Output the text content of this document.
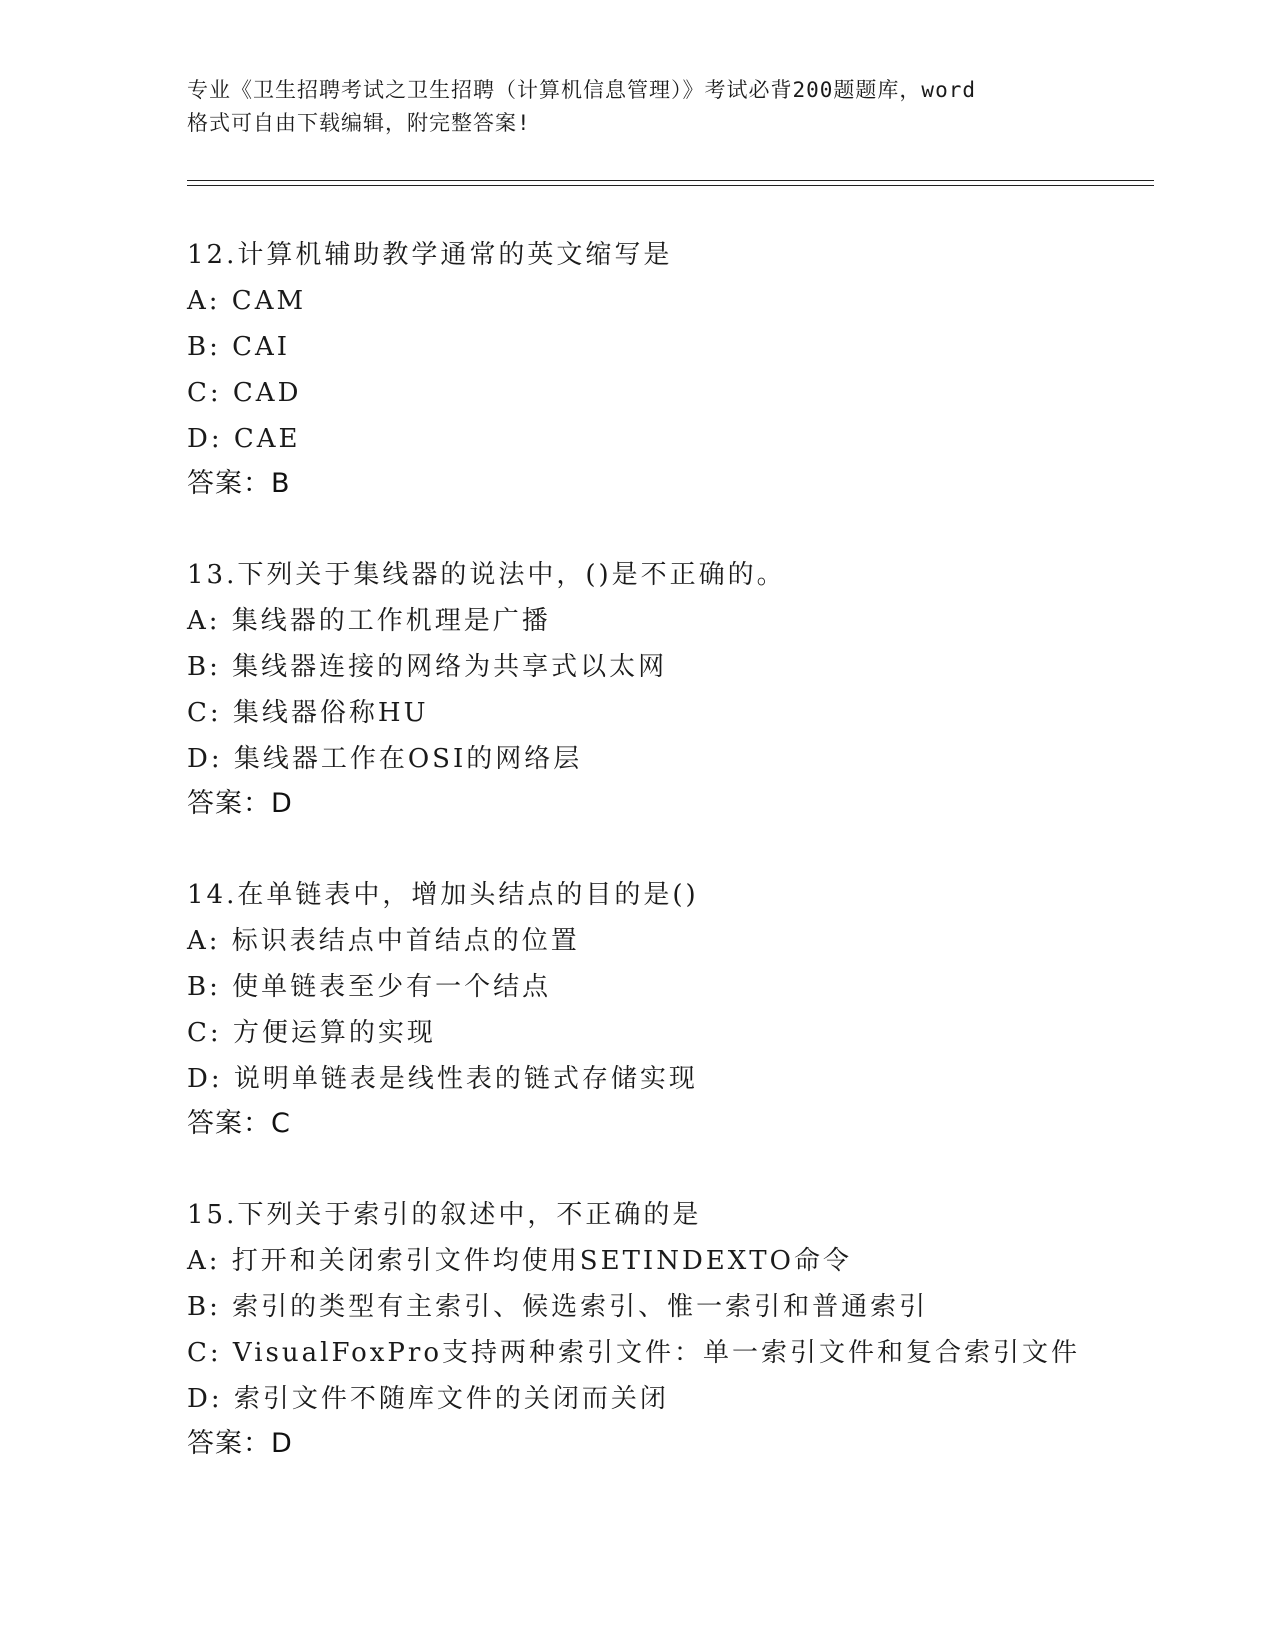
专业《卫生招聘考试之卫生招聘（计算机信息管理）》考试必背200题题库，word
格式可自由下载编辑，附完整答案!
12.计算机辅助教学通常的英文缩写是
A: CAM
B: CAI
C: CAD
D: CAE
答案：B
13.下列关于集线器的说法中，()是不正确的。
A: 集线器的工作机理是广播
B: 集线器连接的网络为共享式以太网
C: 集线器俗称HU
D: 集线器工作在OSI的网络层
答案：D
14.在单链表中，增加头结点的目的是()
A: 标识表结点中首结点的位置
B: 使单链表至少有一个结点
C: 方便运算的实现
D: 说明单链表是线性表的链式存储实现
答案：C
15.下列关于索引的叙述中，不正确的是
A: 打开和关闭索引文件均使用SETINDEXTO命令
B: 索引的类型有主索引、候选索引、惟一索引和普通索引
C: VisualFoxPro支持两种索引文件：单一索引文件和复合索引文件
D: 索引文件不随库文件的关闭而关闭
答案：D
